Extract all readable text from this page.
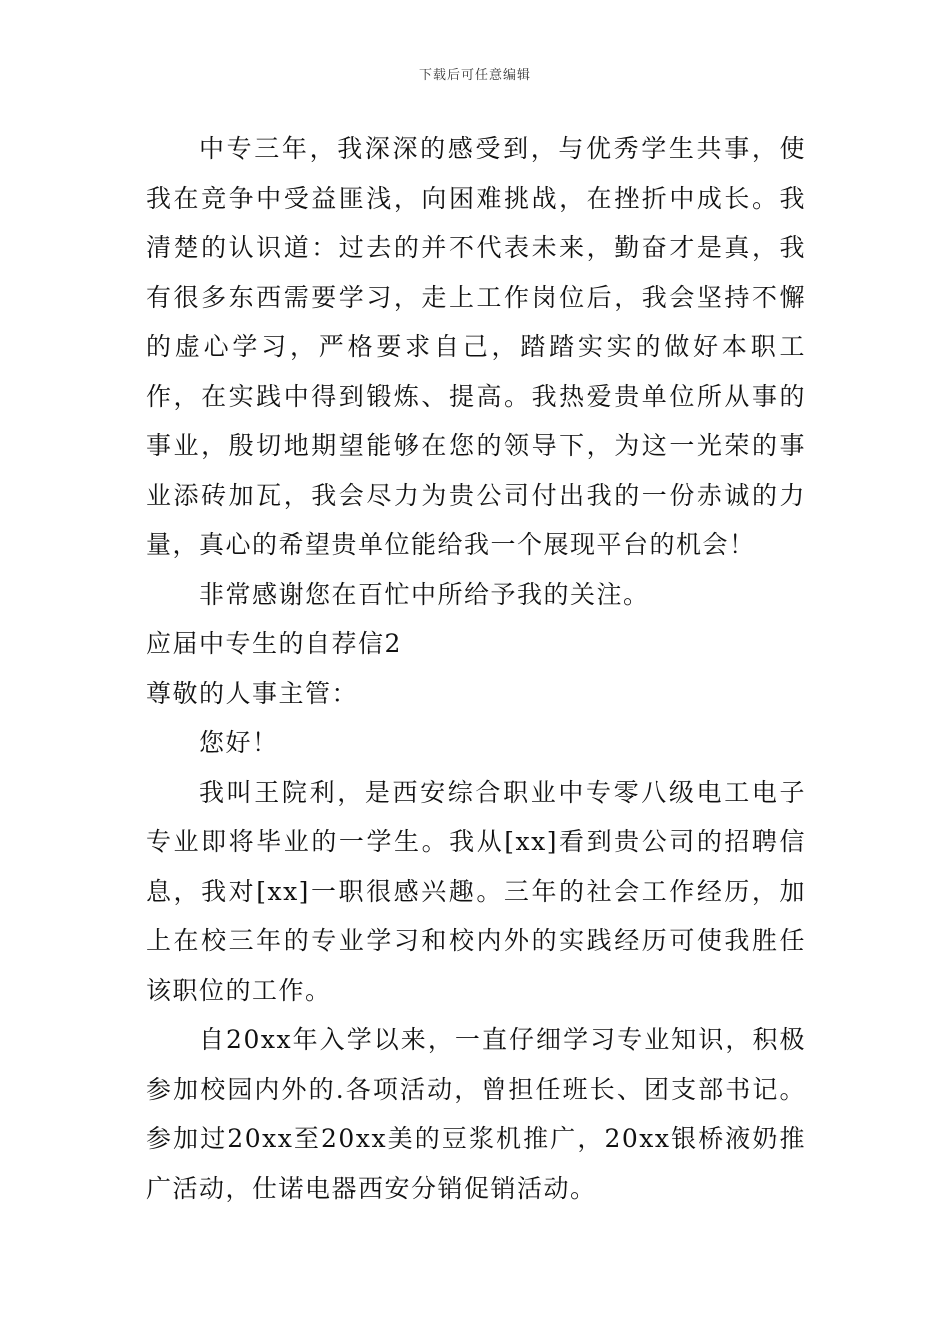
下载后可任意编辑

中专三年，我深深的感受到，与优秀学生共事，使我在竞争中受益匪浅，向困难挑战，在挫折中成长。我清楚的认识道：过去的并不代表未来，勤奋才是真，我有很多东西需要学习，走上工作岗位后，我会坚持不懈的虚心学习，严格要求自己，踏踏实实的做好本职工作，在实践中得到锻炼、提高。我热爱贵单位所从事的事业，殷切地期望能够在您的领导下，为这一光荣的事业添砖加瓦，我会尽力为贵公司付出我的一份赤诚的力量，真心的希望贵单位能给我一个展现平台的机会！

非常感谢您在百忙中所给予我的关注。

应届中专生的自荐信2

尊敬的人事主管：

您好！

我叫王院利，是西安综合职业中专零八级电工电子专业即将毕业的一学生。我从[xx]看到贵公司的招聘信息，我对[xx]一职很感兴趣。三年的社会工作经历，加上在校三年的专业学习和校内外的实践经历可使我胜任该职位的工作。

自20xx年入学以来，一直仔细学习专业知识，积极参加校园内外的.各项活动，曾担任班长、团支部书记。参加过20xx至20xx美的豆浆机推广，20xx银桥液奶推广活动，仕诺电器西安分销促销活动。
